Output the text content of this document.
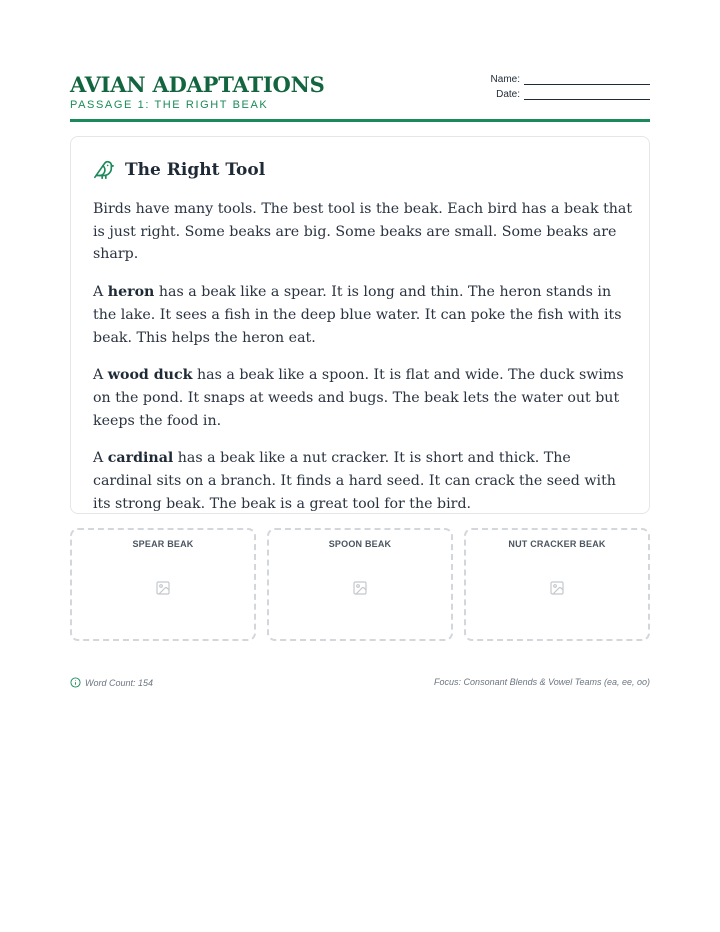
AVIAN ADAPTATIONS
PASSAGE 1: THE RIGHT BEAK
Name:
Date:
The Right Tool

Birds have many tools. The best tool is the beak. Each bird has a beak that is just right. Some beaks are big. Some beaks are small. Some beaks are sharp.

A heron has a beak like a spear. It is long and thin. The heron stands in the lake. It sees a fish in the deep blue water. It can poke the fish with its beak. This helps the heron eat.

A wood duck has a beak like a spoon. It is flat and wide. The duck swims on the pond. It snaps at weeds and bugs. The beak lets the water out but keeps the food in.

A cardinal has a beak like a nut cracker. It is short and thick. The cardinal sits on a branch. It finds a hard seed. It can crack the seed with its strong beak. The beak is a great tool for the bird.

SPEAR BEAK	SPOON BEAK	NUT CRACKER BEAK
Word Count: 154	Focus: Consonant Blends & Vowel Teams (ea, ee, oo)
